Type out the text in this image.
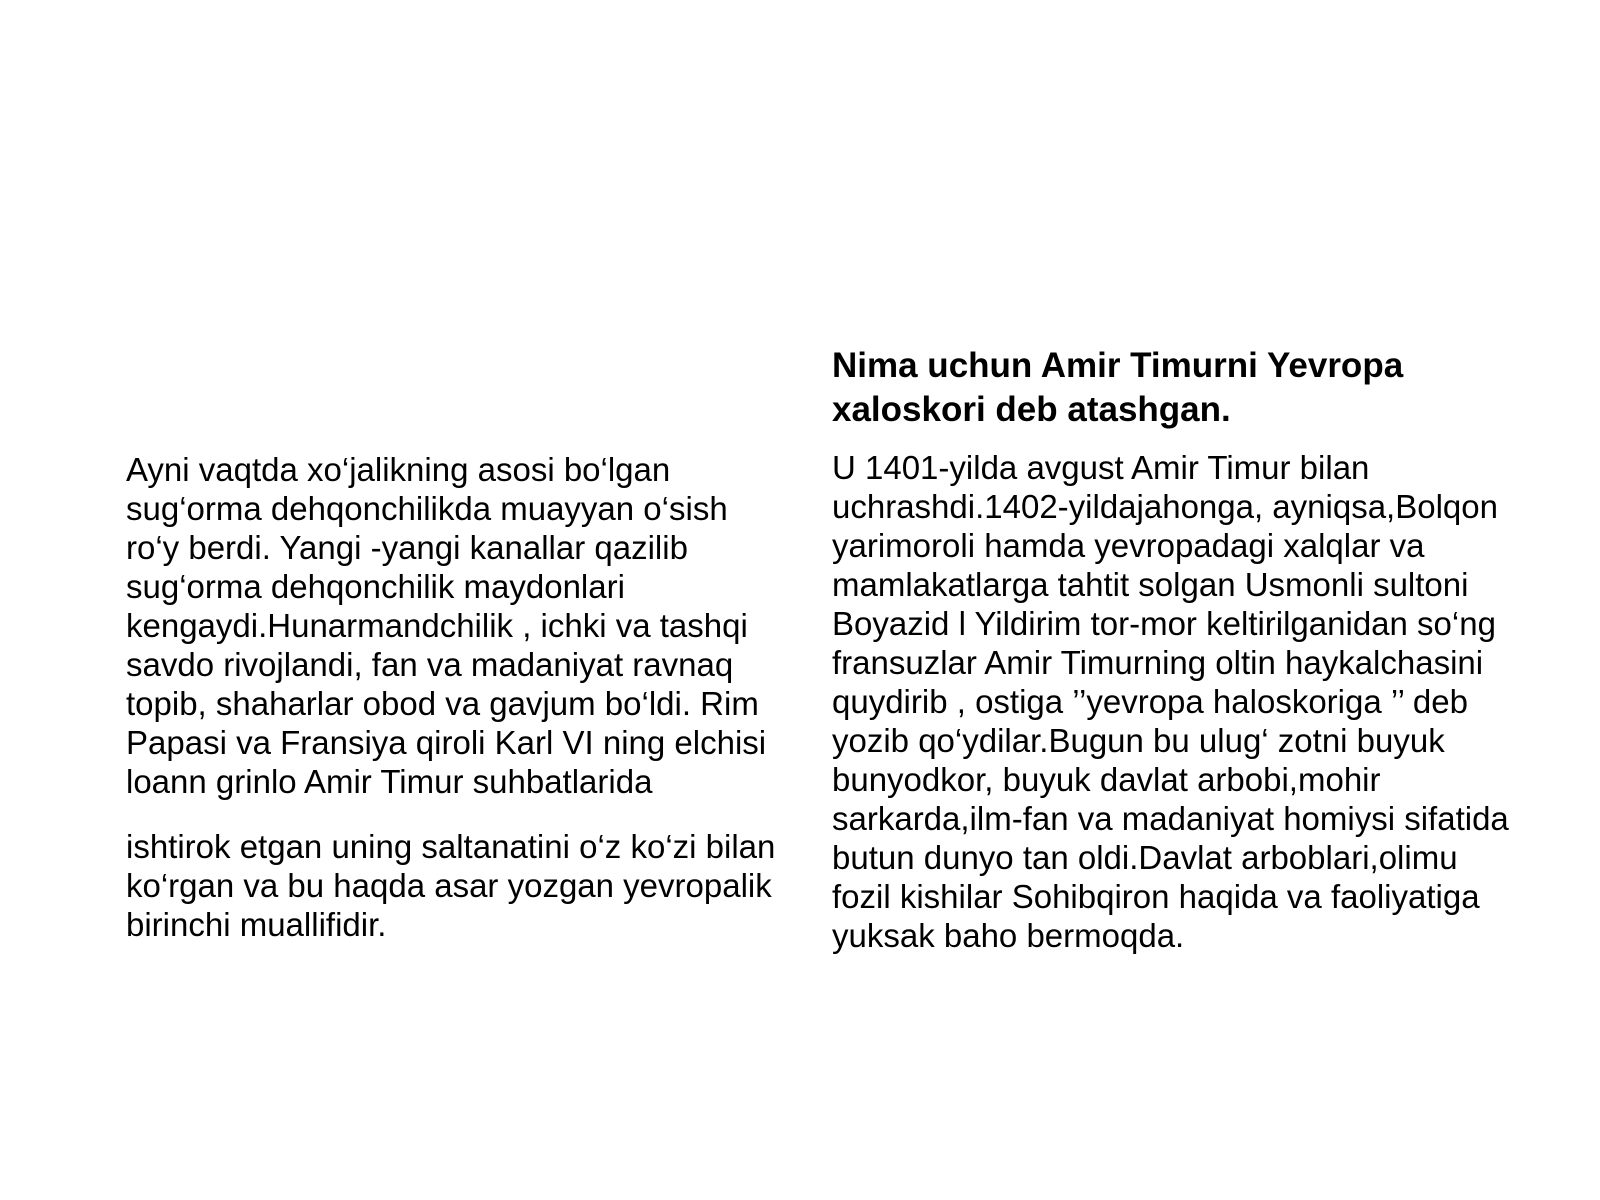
Ayni vaqtda xo‘jalikning asosi bo‘lgan sug‘orma dehqonchilikda muayyan o‘sish ro‘y berdi. Yangi -yangi kanallar qazilib sug‘orma dehqonchilik maydonlari kengaydi.Hunarmandchilik , ichki va tashqi savdo rivojlandi, fan va madaniyat ravnaq topib, shaharlar obod va gavjum bo‘ldi. Rim Papasi va Fransiya qiroli Karl VI ning elchisi loann grinlo Amir Timur suhbatlarida

ishtirok etgan uning saltanatini o‘z ko‘zi bilan ko‘rgan va bu haqda asar yozgan yevropalik birinchi muallifidir.

Nima uchun Amir Timurni Yevropa xaloskori deb atashgan.

U 1401-yilda avgust Amir Timur bilan uchrashdi.1402-yildajahonga, ayniqsa,Bolqon yarimoroli hamda yevropadagi xalqlar va mamlakatlarga tahtit solgan Usmonli sultoni Boyazid l Yildirim tor-mor keltirilganidan so‘ng fransuzlar Amir Timurning oltin haykalchasini quydirib , ostiga ’’yevropa haloskoriga ’’ deb yozib qo‘ydilar.Bugun bu ulug‘ zotni buyuk bunyodkor, buyuk davlat arbobi,mohir sarkarda,ilm-fan va madaniyat homiysi sifatida butun dunyo tan oldi.Davlat arboblari,olimu fozil kishilar Sohibqiron haqida va faoliyatiga yuksak baho bermoqda.
